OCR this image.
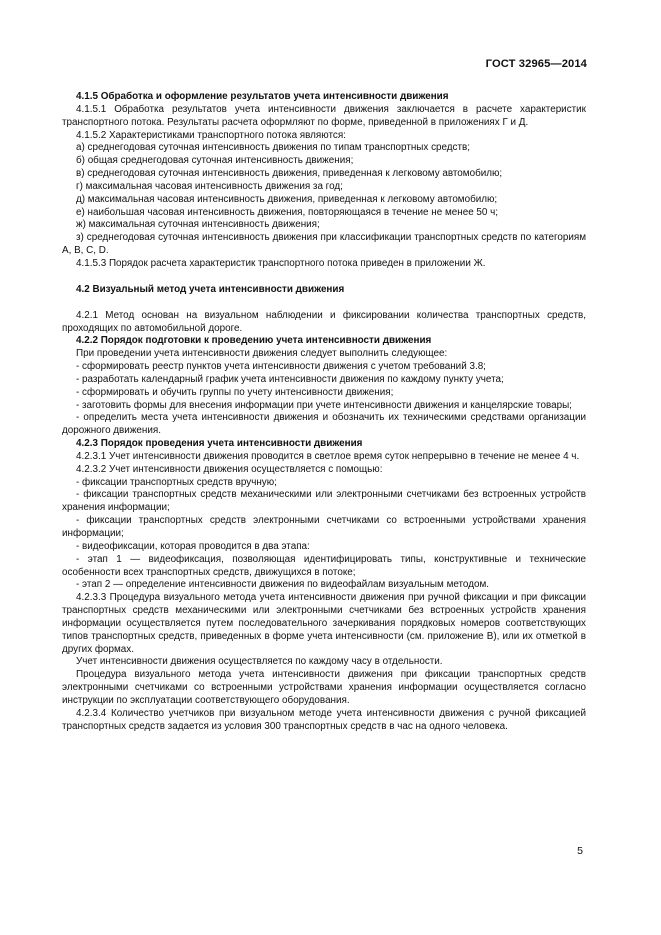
ГОСТ 32965—2014

4.1.5 Обработка и оформление результатов учета интенсивности движения

4.1.5.1 Обработка результатов учета интенсивности движения заключается в расчете характеристик транспортного потока. Результаты расчета оформляют по форме, приведенной в приложениях Г и Д.

4.1.5.2 Характеристиками транспортного потока являются:

а) среднегодовая суточная интенсивность движения по типам транспортных средств;

б) общая среднегодовая суточная интенсивность движения;

в) среднегодовая суточная интенсивность движения, приведенная к легковому автомобилю;

г) максимальная часовая интенсивность движения за год;

д) максимальная часовая интенсивность движения, приведенная к легковому автомобилю;

е) наибольшая часовая интенсивность движения, повторяющаяся в течение не менее 50 ч;

ж) максимальная суточная интенсивность движения;

з) среднегодовая суточная интенсивность движения при классификации транспортных средств по категориям А, В, С, D.

4.1.5.3 Порядок расчета характеристик транспортного потока приведен в приложении Ж.

4.2 Визуальный метод учета интенсивности движения

4.2.1 Метод основан на визуальном наблюдении и фиксировании количества транспортных средств, проходящих по автомобильной дороге.

4.2.2 Порядок подготовки к проведению учета интенсивности движения

При проведении учета интенсивности движения следует выполнить следующее:

- сформировать реестр пунктов учета интенсивности движения с учетом требований 3.8;

- разработать календарный график учета интенсивности движения по каждому пункту учета;

- сформировать и обучить группы по учету интенсивности движения;

- заготовить формы для внесения информации при учете интенсивности движения и канцелярские товары;

- определить места учета интенсивности движения и обозначить их техническими средствами организации дорожного движения.

4.2.3 Порядок проведения учета интенсивности движения

4.2.3.1 Учет интенсивности движения проводится в светлое время суток непрерывно в течение не менее 4 ч.

4.2.3.2 Учет интенсивности движения осуществляется с помощью:

- фиксации транспортных средств вручную;

- фиксации транспортных средств механическими или электронными счетчиками без встроенных устройств хранения информации;

- фиксации транспортных средств электронными счетчиками со встроенными устройствами хранения информации;

- видеофиксации, которая проводится в два этапа:

- этап 1 — видеофиксация, позволяющая идентифицировать типы, конструктивные и технические особенности всех транспортных средств, движущихся в потоке;

- этап 2 — определение интенсивности движения по видеофайлам визуальным методом.

4.2.3.3 Процедура визуального метода учета интенсивности движения при ручной фиксации и при фиксации транспортных средств механическими или электронными счетчиками без встроенных устройств хранения информации осуществляется путем последовательного зачеркивания порядковых номеров соответствующих типов транспортных средств, приведенных в форме учета интенсивности (см. приложение В), или их отметкой в других формах.

Учет интенсивности движения осуществляется по каждому часу в отдельности.

Процедура визуального метода учета интенсивности движения при фиксации транспортных средств электронными счетчиками со встроенными устройствами хранения информации осуществляется согласно инструкции по эксплуатации соответствующего оборудования.

4.2.3.4 Количество учетчиков при визуальном методе учета интенсивности движения с ручной фиксацией транспортных средств задается из условия 300 транспортных средств в час на одного человека.

5
